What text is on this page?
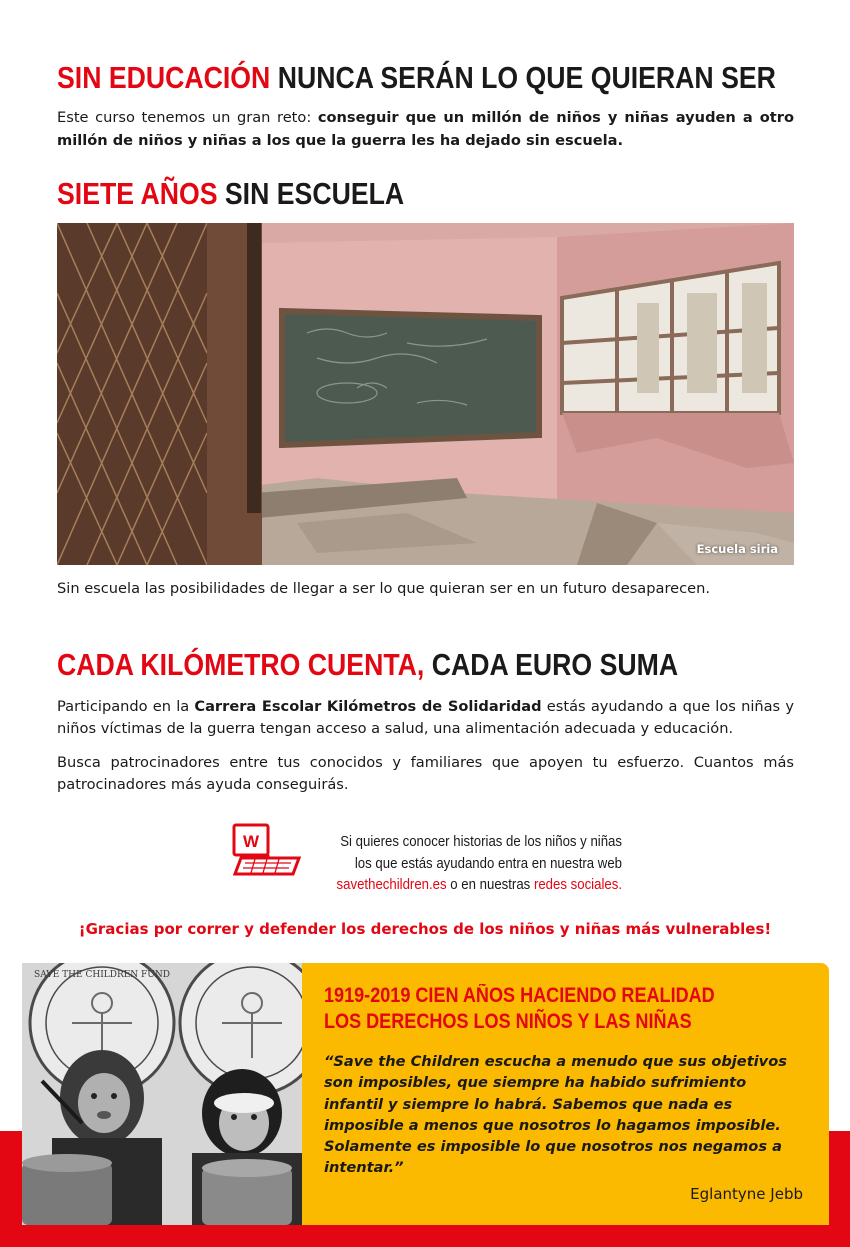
SIN EDUCACIÓN NUNCA SERÁN LO QUE QUIERAN SER

Este curso tenemos un gran reto: conseguir que un millón de niños y niñas ayuden a otro millón de niños y niñas a los que la guerra les ha dejado sin escuela.

SIETE AÑOS SIN ESCUELA
Escuela siria

Sin escuela las posibilidades de llegar a ser lo que quieran ser en un futuro desaparecen.

CADA KILÓMETRO CUENTA, CADA EURO SUMA

Participando en la Carrera Escolar Kilómetros de Solidaridad estás ayudando a que los niñas y niños víctimas de la guerra tengan acceso a salud, una alimentación adecuada y educación.

Busca patrocinadores entre tus conocidos y familiares que apoyen tu esfuerzo. Cuantos más patrocinadores más ayuda conseguirás.

W	Si quieres conocer historias de los niños y niñas
los que estás ayudando entra en nuestra web
savethechildren.es o en nuestras redes sociales.
¡Gracias por correr y defender los derechos de los niños y niñas más vulnerables!
SAVE THE CHILDREN FUND
1919-2019 CIEN AÑOS HACIENDO REALIDAD
LOS DERECHOS LOS NIÑOS Y LAS NIÑAS

“Save the Children escucha a menudo que sus objetivos son imposibles, que siempre ha habido sufrimiento infantil y siempre lo habrá. Sabemos que nada es imposible a menos que nosotros lo hagamos imposible. Solamente es imposible lo que nosotros nos negamos a intentar.”

Eglantyne Jebb
